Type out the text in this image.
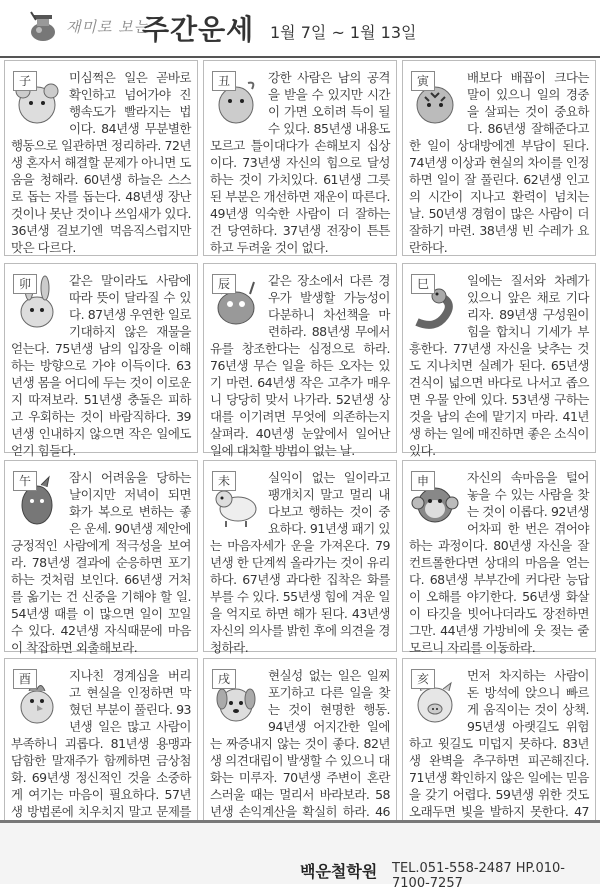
재미로 보는
주간운세 1월 7일 ~ 1월 13일
子	미심쩍은 일은 곧바로 확인하고 넘어가야 진행속도가 빨라지는 법이다. 84년생 무분별한 행동으로 일관하면 정리하라. 72년생 혼자서 해결할 문제가 아니면 도움을 청해라. 60년생 하늘은 스스로 돕는 자를 돕는다. 48년생 장난 것이나 못난 것이나 쓰임새가 있다. 36년생 걸보기엔 먹음직스럽지만 맛은 다르다.
丑	강한 사람은 남의 공격을 받을 수 있지만 시간이 가면 오히려 득이 될 수 있다. 85년생 내용도 모르고 틀이대다가 손해보지 십상이다. 73년생 자신의 힘으로 달성하는 것이 가치있다. 61년생 그릇된 부분은 개선하면 재운이 따른다. 49년생 익숙한 사람이 더 잘하는 건 당연하다. 37년생 전장이 튼튼하고 두려울 것이 없다.
寅	배보다 배꼽이 크다는 말이 있으니 일의 경중을 살피는 것이 중요하다. 86년생 잘해준다고 한 일이 상대방에겐 부담이 된다. 74년생 이상과 현실의 차이를 인정하면 일이 잘 풀린다. 62년생 인고의 시간이 지나고 환력이 넘치는 날. 50년생 경험이 많은 사람이 더 잘하기 마련. 38년생 빈 수레가 요란하다.
卯	같은 말이라도 사람에 따라 뜻이 달라질 수 있다. 87년생 우연한 일로 기대하지 않은 재물을 얻는다. 75년생 남의 입장을 이해하는 방향으로 가야 이득이다. 63년생 몸을 어디에 두는 것이 이로운지 따져보라. 51년생 충돌은 피하고 우회하는 것이 바람직하다. 39년생 인내하지 않으면 작은 일에도 얻기 힘들다.
辰	같은 장소에서 다른 경우가 발생할 가능성이 다분하니 차선책을 마련하라. 88년생 무에서 유를 창조한다는 심정으로 하라. 76년생 무슨 일을 하든 오자는 있기 마련. 64년생 작은 고추가 매우니 당당히 맞서 나가라. 52년생 상대를 이기려면 무엇에 의존하는지 살펴라. 40년생 눈앞에서 일어난 일에 대처할 방법이 없는 날.
巳	일에는 질서와 차례가 있으니 앞은 채로 기다리자. 89년생 구성원이 힘을 합치니 기세가 부흥한다. 77년생 자신을 낮추는 것도 지나치면 실례가 된다. 65년생 견식이 넓으면 바다로 나서고 좁으면 우물 안에 있다. 53년생 구하는 것을 남의 손에 맡기지 마라. 41년생 하는 일에 매진하면 좋은 소식이 있다.
午	잠시 어려움을 당하는 날이지만 저녁이 되면 화가 복으로 변하는 좋은 운세. 90년생 제안에 긍정적인 사람에게 적극성을 보여라. 78년생 결과에 순응하면 포기하는 것처럼 보인다. 66년생 거처를 옮기는 건 신중을 기해야 할 일. 54년생 때를 이 많으면 일이 꼬일 수 있다. 42년생 자식때문에 마음이 착잡하면 외출해보라.
未	실익이 없는 일이라고 팽개치지 말고 멀리 내다보고 행하는 것이 중요하다. 91년생 패기 있는 마음자세가 운을 가져온다. 79년생 한 단계씩 올라가는 것이 유리하다. 67년생 과다한 집착은 화를 부를 수 있다. 55년생 힘에 겨운 일을 억지로 하면 해가 된다. 43년생 자신의 의사를 밝힌 후에 의견을 경청하라.
申	자신의 속마음을 털어놓을 수 있는 사람을 찾는 것이 이롭다. 92년생 어차피 한 번은 겪어야하는 과정이다. 80년생 자신을 잘 컨트롤한다면 상대의 마음을 얻는다. 68년생 부부간에 커다란 능답이 오해를 야기한다. 56년생 화살이 타깃을 빗어나더라도 장전하면 그만. 44년생 가방비에 웃 젖는 줄 모르니 자리를 이동하라.
酉	지나친 경계심을 버리고 현실을 인정하면 막혔던 부분이 풀린다. 93년생 일은 많고 사람이 부족하니 괴롭다. 81년생 용맹과 담함한 말재주가 함께하면 금상첨화. 69년생 정신적인 것을 소중하게 여기는 마음이 필요하다. 57년생 방법론에 치우치지 말고 문제를
戌	현실성 없는 일은 일찌 포기하고 다른 일을 찾는 것이 현명한 행동. 94년생 어지간한 일에는 짜증내지 않는 것이 좋다. 82년생 의견대립이 발생할 수 있으니 대화는 미루자. 70년생 주변이 혼란스러울 때는 멀리서 바라보라. 58년생 손익계산을 확실히 하라. 46
亥	먼저 차지하는 사람이 돈 방석에 앉으니 빠르게 움직이는 것이 상책. 95년생 아랫길도 위험하고 윗길도 미덥지 못하다. 83년생 완벽을 추구하면 피곤해진다. 71년생 확인하지 않은 일에는 믿음을 갖기 어렵다. 59년생 위한 것도 오래두면 빛을 발하지 못한다. 47
백운철학원 TEL.051-558-2487 HP.010-7100-7257
